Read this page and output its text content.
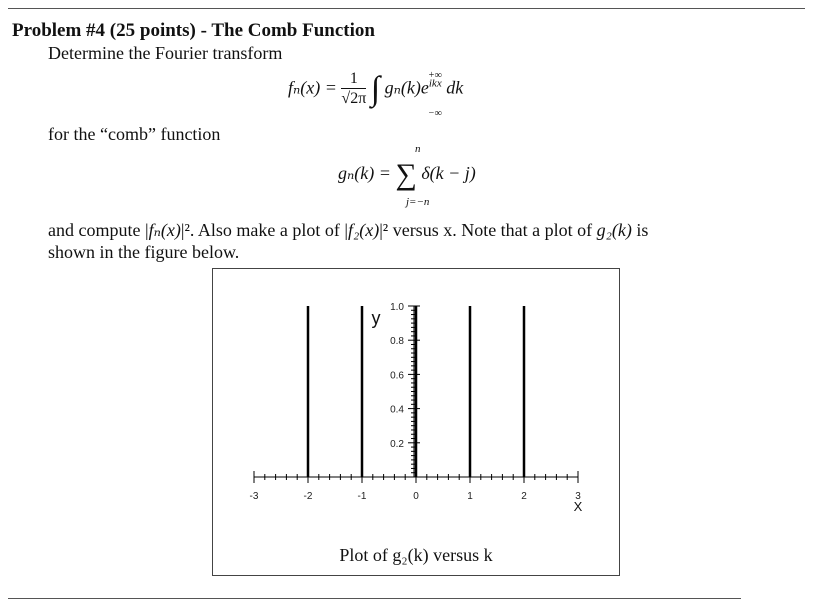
Problem #4 (25 points) - The Comb Function
Determine the Fourier transform
$f_n(x) = \frac{1}{√2\pi}$ ∫ $g_n(k)e^{ikx}$ dk
+∞
−∞
for the “comb” function
n
gₙ(k) = ∑ δ(k − j)
j=−n
and compute |fₙ(x)|². Also make a plot of |f₂(x)|² versus x. Note that a plot of g₂(k) is
shown in the figure below.
-3	-2	-1	0	1	2	3
X
0.2
0.4
0.6
0.8
1.0
y
Plot of g₂(k) versus k
